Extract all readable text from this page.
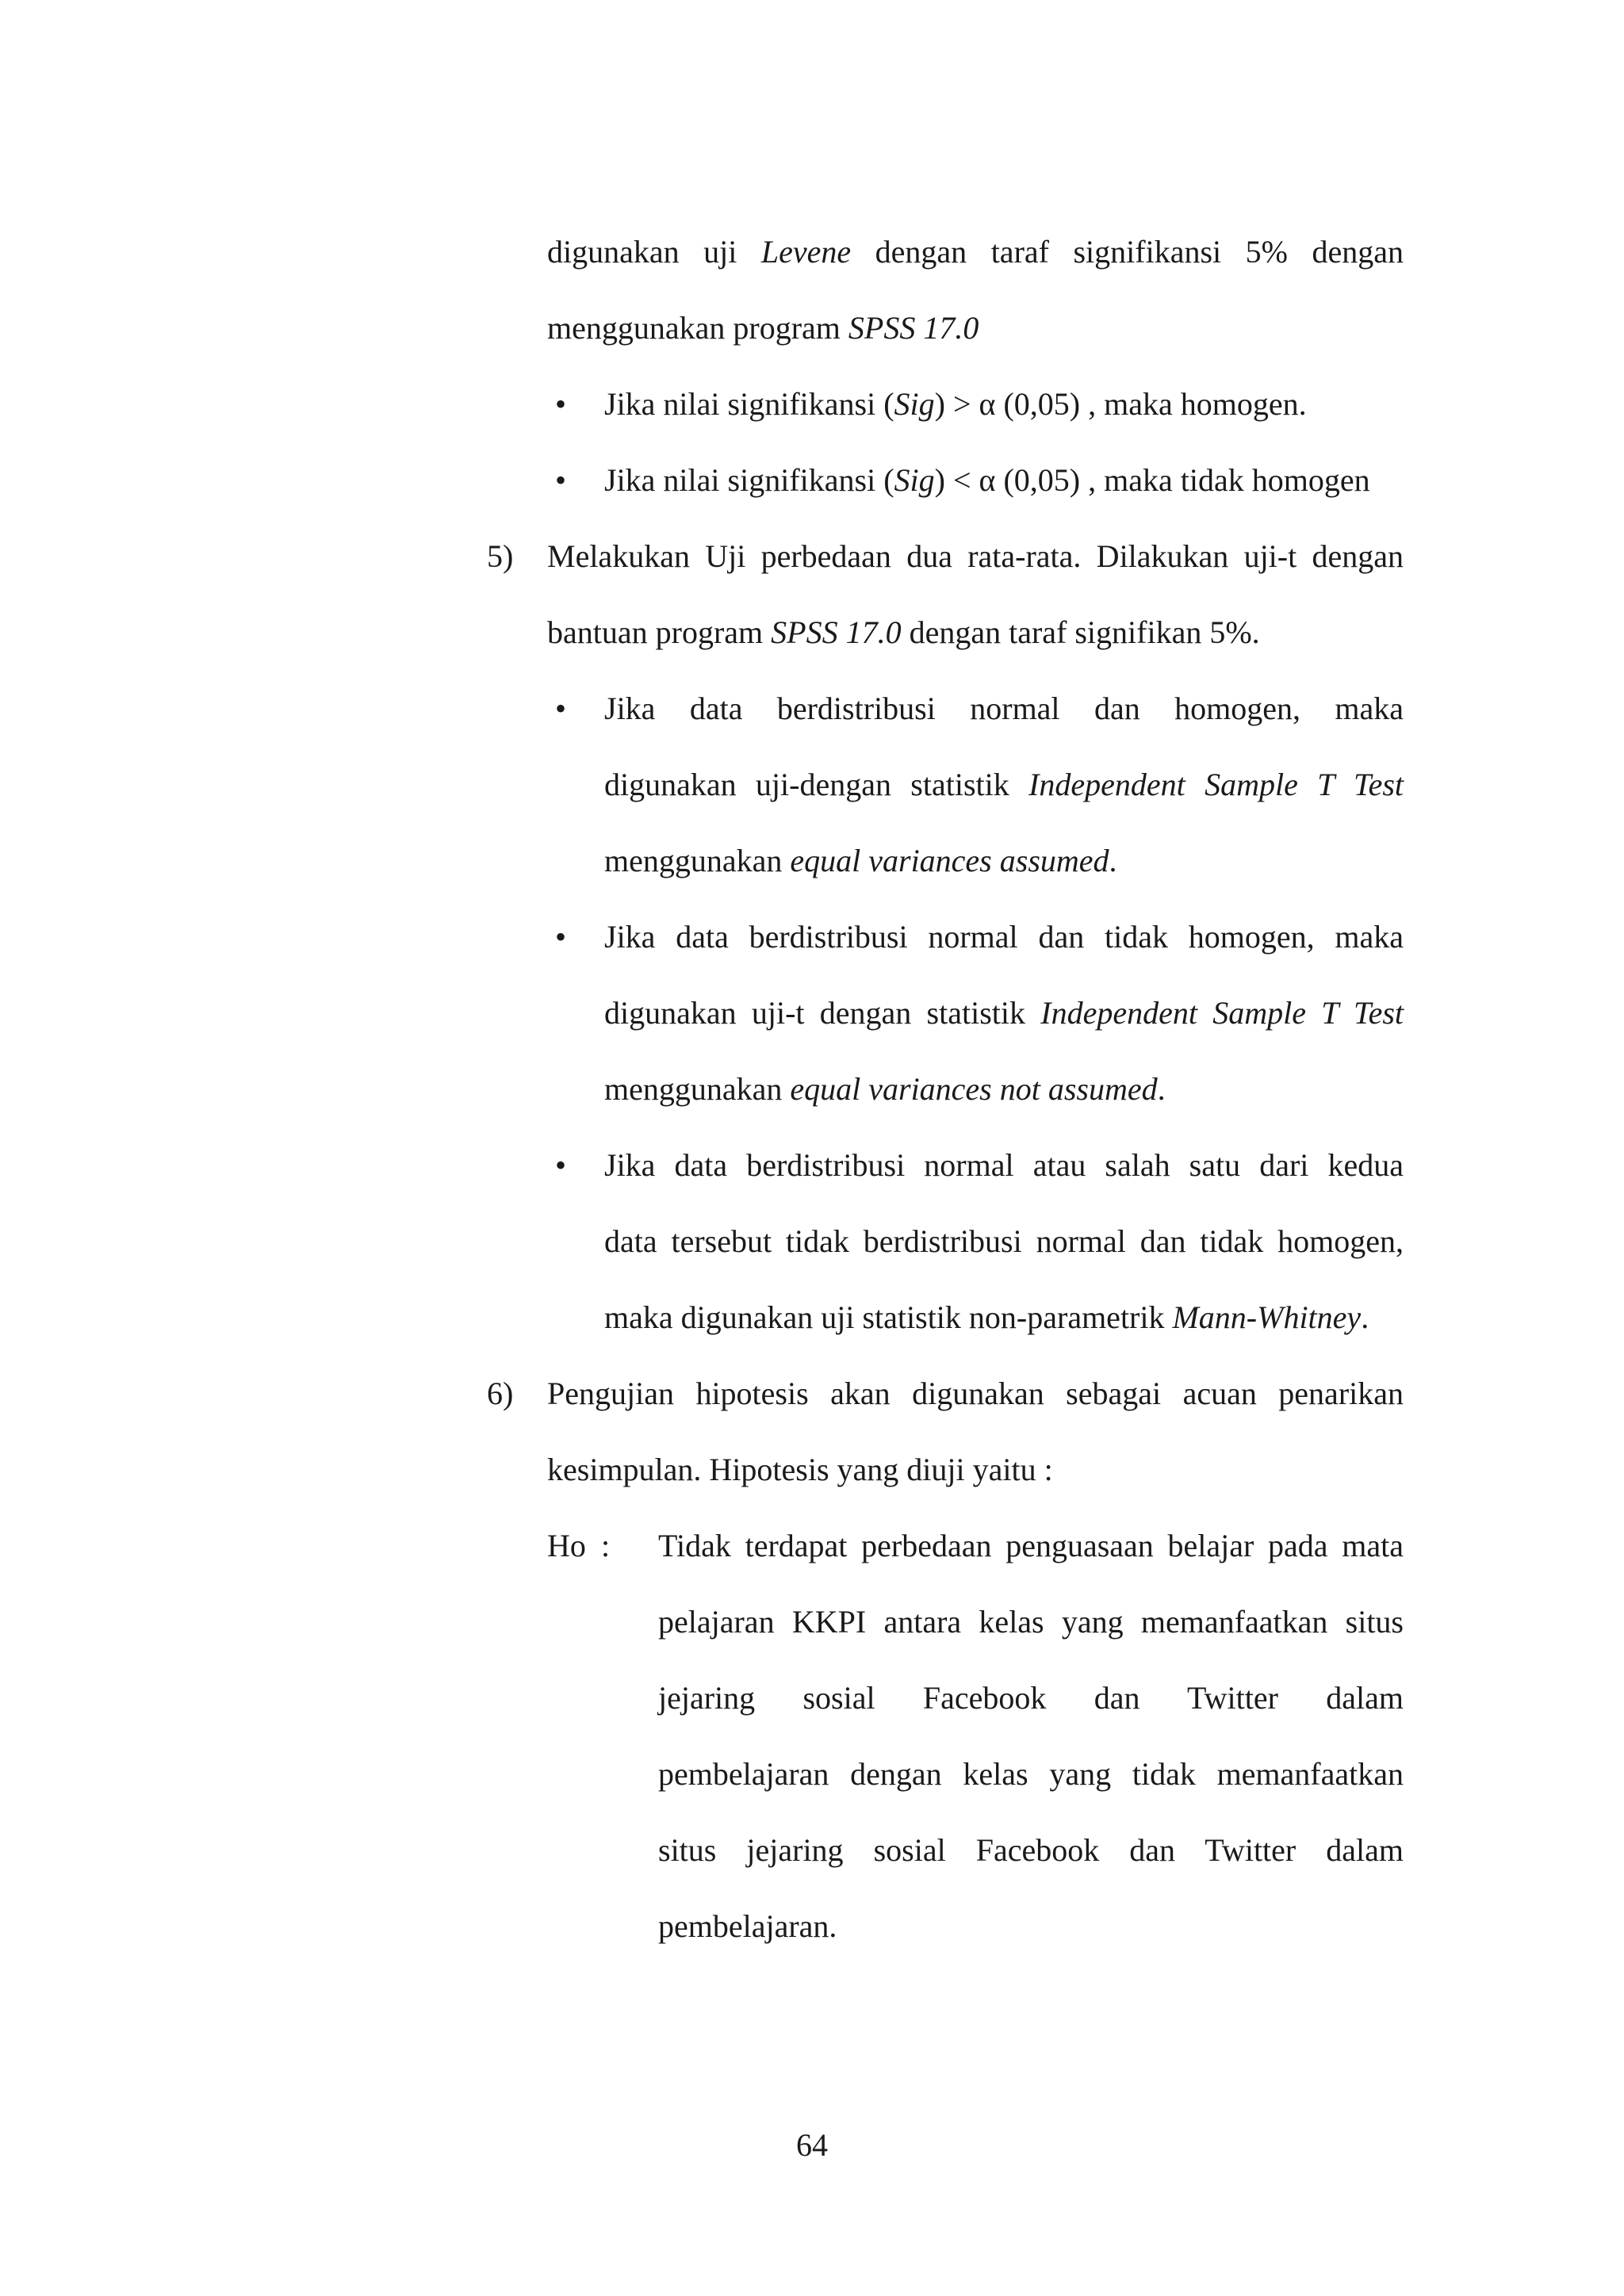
digunakan uji Levene dengan taraf signifikansi 5% dengan
menggunakan program SPSS 17.0
• Jika nilai signifikansi (Sig) > α (0,05) , maka homogen.
• Jika nilai signifikansi (Sig) < α (0,05) , maka tidak homogen
5) Melakukan Uji perbedaan dua rata-rata. Dilakukan uji-t dengan
bantuan program SPSS 17.0 dengan taraf signifikan 5%.
• Jika data berdistribusi normal dan homogen, maka
digunakan uji-dengan statistik Independent Sample T Test
menggunakan equal variances assumed.
• Jika data berdistribusi normal dan tidak homogen, maka
digunakan uji-t dengan statistik Independent Sample T Test
menggunakan equal variances not assumed.
• Jika data berdistribusi normal atau salah satu dari kedua
data tersebut tidak berdistribusi normal dan tidak homogen,
maka digunakan uji statistik non-parametrik Mann-Whitney.
6) Pengujian hipotesis akan digunakan sebagai acuan penarikan
kesimpulan. Hipotesis yang diuji yaitu :
Ho : Tidak terdapat perbedaan penguasaan belajar pada mata
pelajaran KKPI antara kelas yang memanfaatkan situs
jejaring sosial Facebook dan Twitter dalam
pembelajaran dengan kelas yang tidak memanfaatkan
situs jejaring sosial Facebook dan Twitter dalam
pembelajaran.
64
